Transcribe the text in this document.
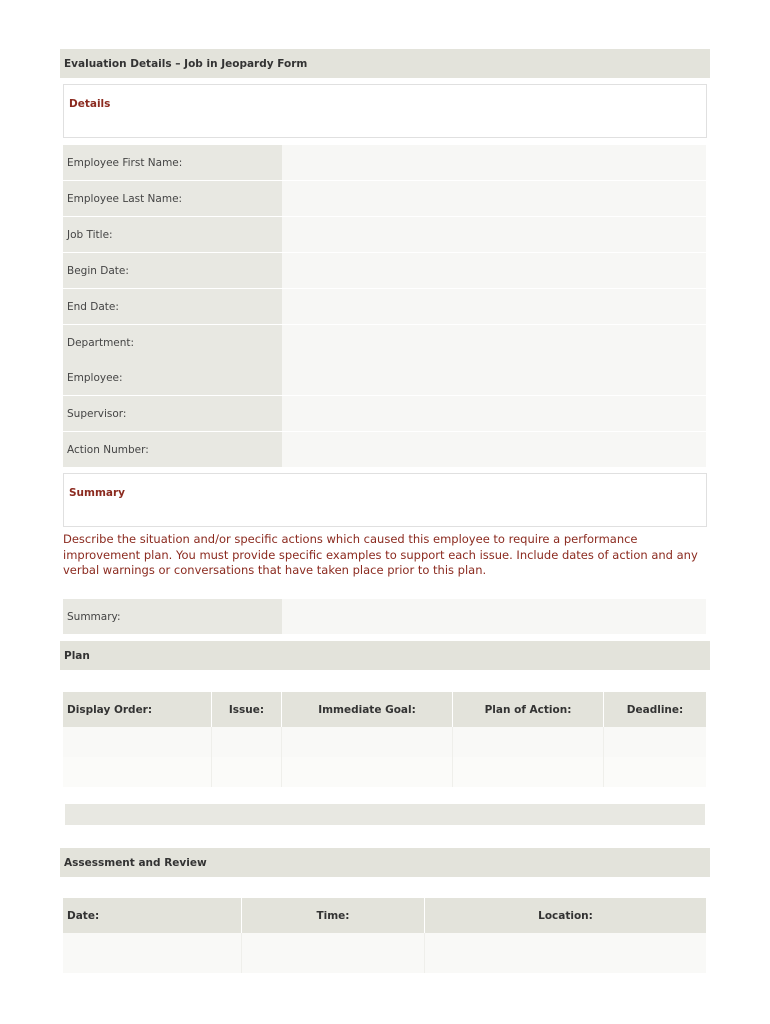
Evaluation Details – Job in Jeopardy Form
Details
Employee First Name:
Employee Last Name:
Job Title:
Begin Date:
End Date:
Department:
Employee:
Supervisor:
Action Number:
Summary
Describe the situation and/or specific actions which caused this employee to require a performance improvement plan. You must provide specific examples to support each issue. Include dates of action and any verbal warnings or conversations that have taken place prior to this plan.
Summary:
Plan
Display Order:	Issue:	Immediate Goal:	Plan of Action:	Deadline:
Assessment and Review
Date:	Time:	Location:
